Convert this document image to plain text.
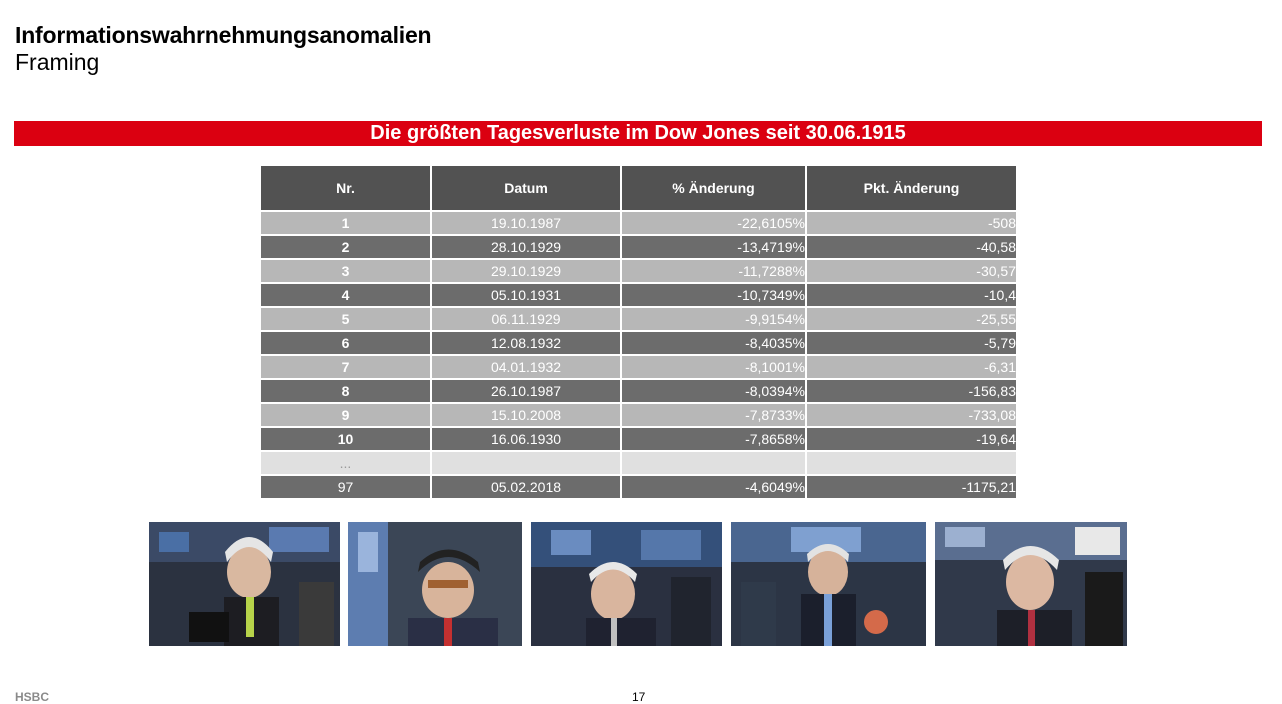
Informationswahrnehmungsanomalien
Framing
Die größten Tagesverluste im Dow Jones seit 30.06.1915
Nr.	Datum	% Änderung	Pkt. Änderung
1	19.10.1987	-22,6105%	-508
2	28.10.1929	-13,4719%	-40,58
3	29.10.1929	-11,7288%	-30,57
4	05.10.1931	-10,7349%	-10,4
5	06.11.1929	-9,9154%	-25,55
6	12.08.1932	-8,4035%	-5,79
7	04.01.1932	-8,1001%	-6,31
8	26.10.1987	-8,0394%	-156,83
9	15.10.2008	-7,8733%	-733,08
10	16.06.1930	-7,8658%	-19,64
...			
97	05.02.2018	-4,6049%	-1175,21
HSBC	17
